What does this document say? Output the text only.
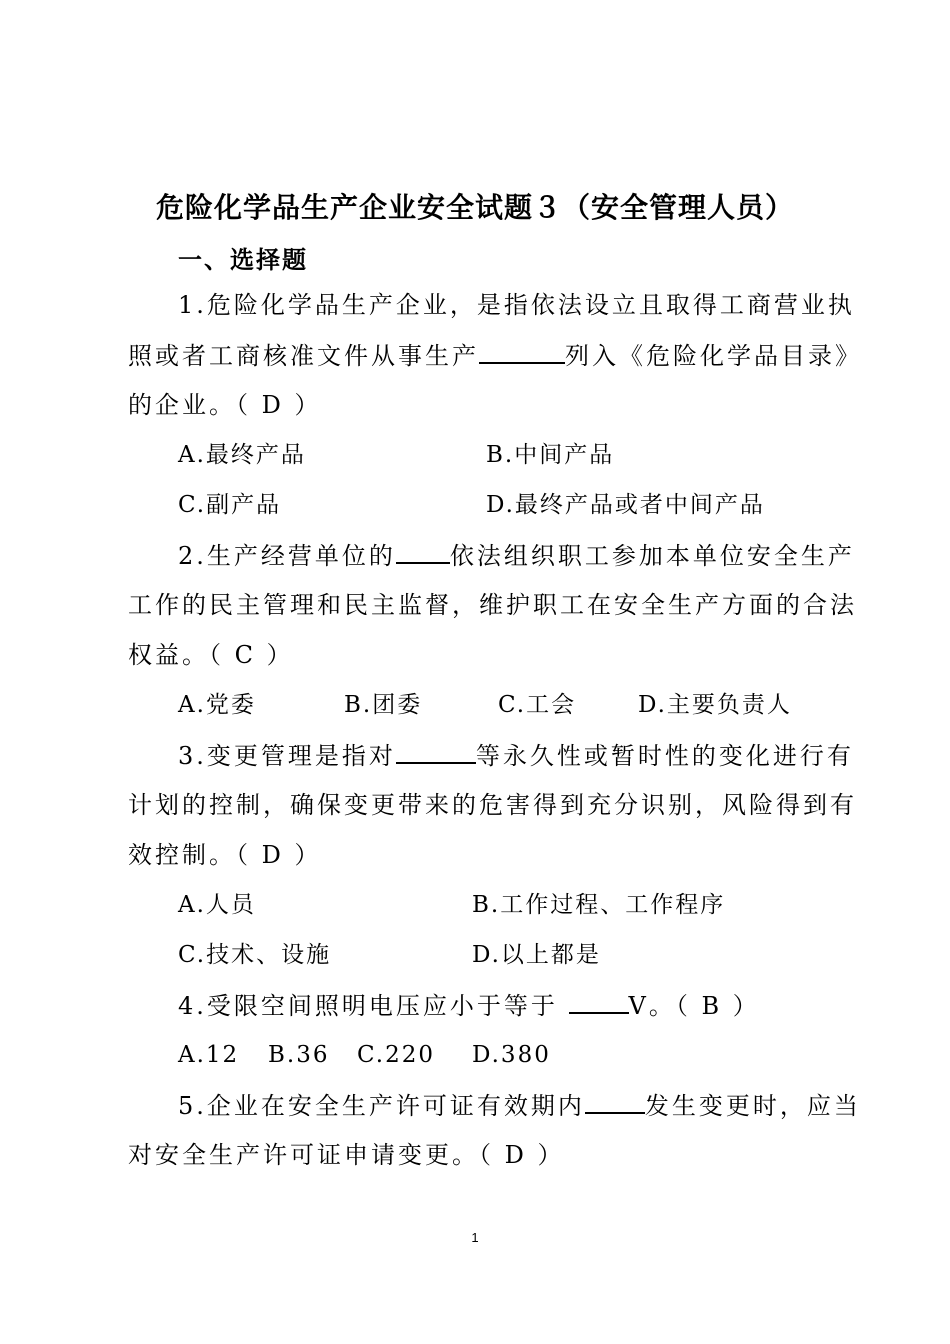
危险化学品生产企业安全试题３（安全管理人员）
一、选择题
1.危险化学品生产企业，是指依法设立且取得工商营业执
照或者工商核准文件从事生产	列入《危险化学品目录》
的企业。（ D ）
A.最终产品	B.中间产品
C.副产品	D.最终产品或者中间产品
2.生产经营单位的 依法组织职工参加本单位安全生产
工作的民主管理和民主监督，维护职工在安全生产方面的合法
权益。（ C ）
A.党委	B.团委	C.工会	D.主要负责人
3.变更管理是指对	等永久性或暂时性的变化进行有
计划的控制，确保变更带来的危害得到充分识别，风险得到有
效控制。（ D ）
A.人员	B.工作过程、工作程序
C.技术、设施	D.以上都是
4.受限空间照明电压应小于等于	V。（ B ）
A.12 B.36 C.220 D.380
5.企业在安全生产许可证有效期内	发生变更时，应当
对安全生产许可证申请变更。（ D ）
1
